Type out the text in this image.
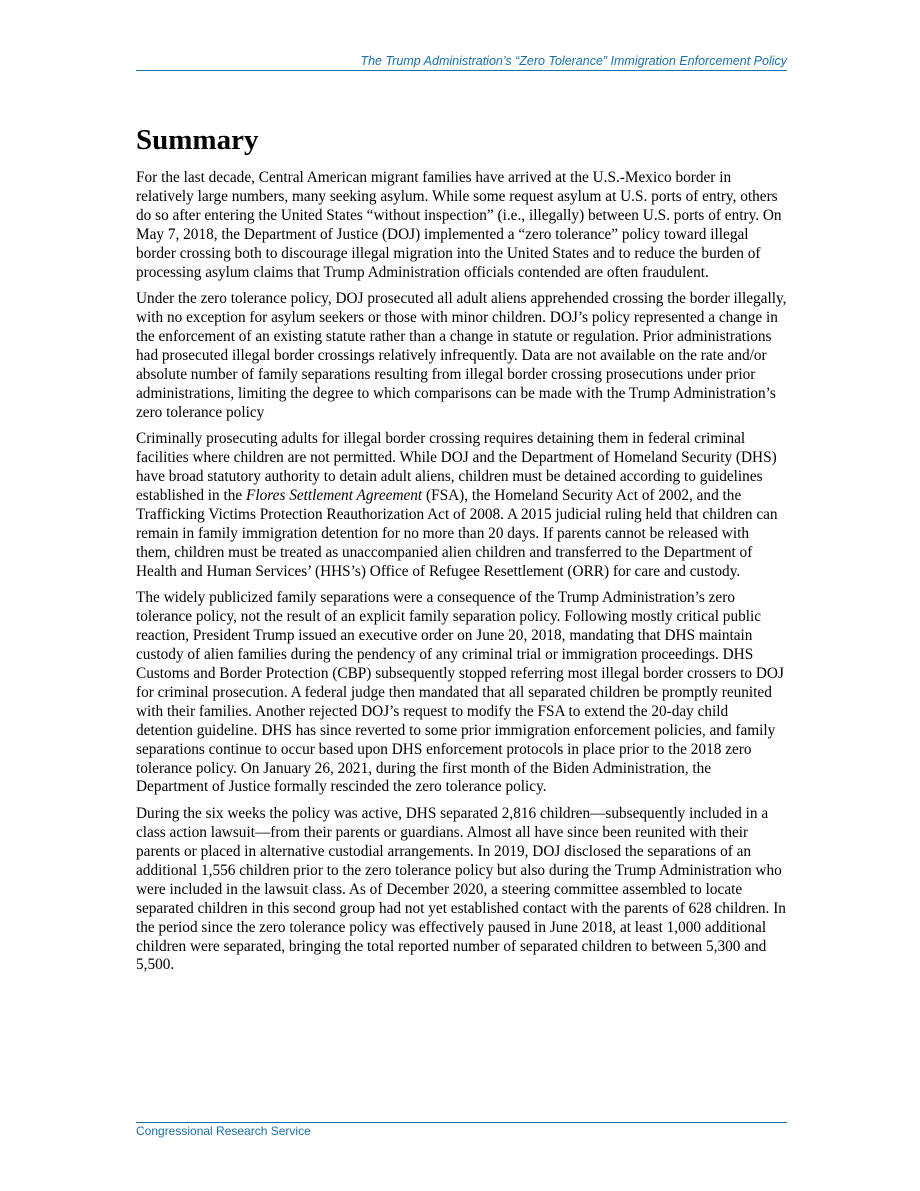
The Trump Administration’s “Zero Tolerance” Immigration Enforcement Policy
Summary

For the last decade, Central American migrant families have arrived at the U.S.-Mexico border in relatively large numbers, many seeking asylum. While some request asylum at U.S. ports of entry, others do so after entering the United States “without inspection” (i.e., illegally) between U.S. ports of entry. On May 7, 2018, the Department of Justice (DOJ) implemented a “zero tolerance” policy toward illegal border crossing both to discourage illegal migration into the United States and to reduce the burden of processing asylum claims that Trump Administration officials contended are often fraudulent.

Under the zero tolerance policy, DOJ prosecuted all adult aliens apprehended crossing the border illegally, with no exception for asylum seekers or those with minor children. DOJ’s policy represented a change in the enforcement of an existing statute rather than a change in statute or regulation. Prior administrations had prosecuted illegal border crossings relatively infrequently. Data are not available on the rate and/or absolute number of family separations resulting from illegal border crossing prosecutions under prior administrations, limiting the degree to which comparisons can be made with the Trump Administration’s zero tolerance policy

Criminally prosecuting adults for illegal border crossing requires detaining them in federal criminal facilities where children are not permitted. While DOJ and the Department of Homeland Security (DHS) have broad statutory authority to detain adult aliens, children must be detained according to guidelines established in the Flores Settlement Agreement (FSA), the Homeland Security Act of 2002, and the Trafficking Victims Protection Reauthorization Act of 2008. A 2015 judicial ruling held that children can remain in family immigration detention for no more than 20 days. If parents cannot be released with them, children must be treated as unaccompanied alien children and transferred to the Department of Health and Human Services’ (HHS’s) Office of Refugee Resettlement (ORR) for care and custody.

The widely publicized family separations were a consequence of the Trump Administration’s zero tolerance policy, not the result of an explicit family separation policy. Following mostly critical public reaction, President Trump issued an executive order on June 20, 2018, mandating that DHS maintain custody of alien families during the pendency of any criminal trial or immigration proceedings. DHS Customs and Border Protection (CBP) subsequently stopped referring most illegal border crossers to DOJ for criminal prosecution. A federal judge then mandated that all separated children be promptly reunited with their families. Another rejected DOJ’s request to modify the FSA to extend the 20-day child detention guideline. DHS has since reverted to some prior immigration enforcement policies, and family separations continue to occur based upon DHS enforcement protocols in place prior to the 2018 zero tolerance policy. On January 26, 2021, during the first month of the Biden Administration, the Department of Justice formally rescinded the zero tolerance policy.

During the six weeks the policy was active, DHS separated 2,816 children—subsequently included in a class action lawsuit—from their parents or guardians. Almost all have since been reunited with their parents or placed in alternative custodial arrangements. In 2019, DOJ disclosed the separations of an additional 1,556 children prior to the zero tolerance policy but also during the Trump Administration who were included in the lawsuit class. As of December 2020, a steering committee assembled to locate separated children in this second group had not yet established contact with the parents of 628 children. In the period since the zero tolerance policy was effectively paused in June 2018, at least 1,000 additional children were separated, bringing the total reported number of separated children to between 5,300 and 5,500.

Congressional Research Service
